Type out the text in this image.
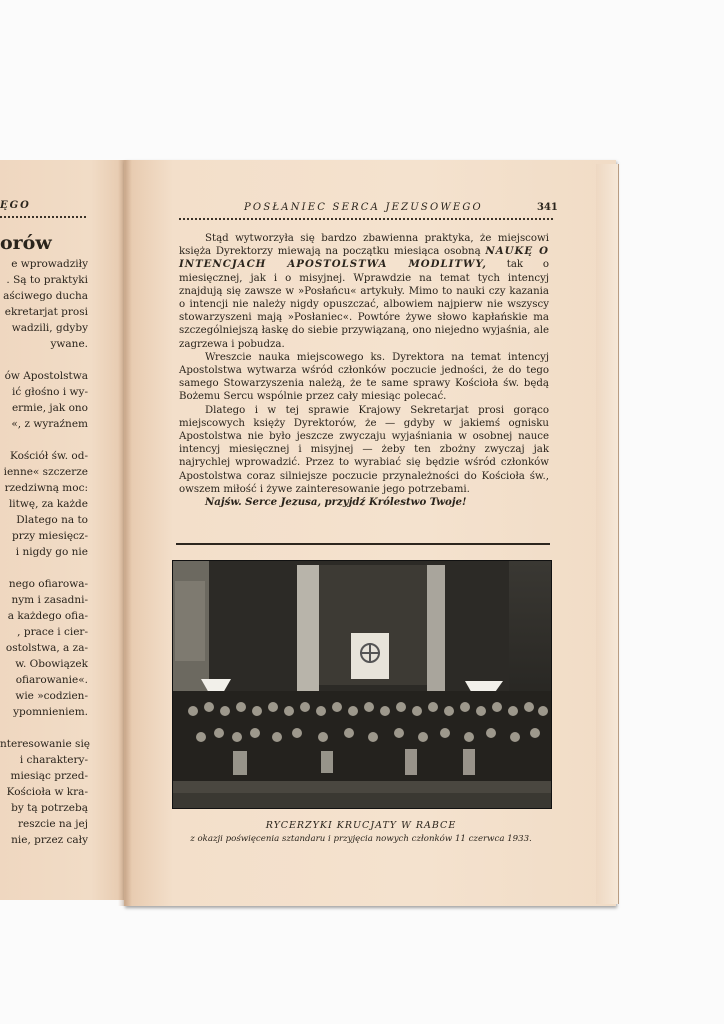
ĘGO
orów
e wprowadziły
. Są to praktyki
aściwego ducha
ekretarjat prosi
wadzili, gdyby
ywane.
ów Apostolstwa
ić głośno i wy-
ermie, jak ono
«, z wyraźnem
Kościół św. od-
ienne« szczerze
rzedziwną moc:
litwę, za każde
Dlatego na to
przy miesięcz-
i nigdy go nie
nego ofiarowa-
nym i zasadni-
a każdego ofia-
, prace i cier-
ostolstwa, a za-
w. Obowiązek
ofiarowanie«.
wie »codzien-
ypomnieniem.
nteresowanie się
i charaktery-
miesiąc przed-
Kościoła w kra-
by tą potrzebą
reszcie na jej
nie, przez cały
POSŁANIEC SERCA JEZUSOWEGO	341

Stąd wytworzyła się bardzo zbawienna praktyka, że miejscowi księża Dyrektorzy miewają na początku miesiąca osobną NAUKĘ O INTENCJACH APOSTOLSTWA MODLITWY, tak o miesięcznej, jak i o misyjnej. Wprawdzie na temat tych intencyj znajdują się zawsze w »Posłańcu« artykuły. Mimo to nauki czy kazania o intencji nie należy nigdy opuszczać, albowiem najpierw nie wszyscy stowarzyszeni mają »Posłaniec«. Powtóre żywe słowo kapłańskie ma szczególniejszą łaskę do siebie przywiązaną, ono niejedno wyjaśnia, ale zagrzewa i pobudza.

Wreszcie nauka miejscowego ks. Dyrektora na temat intencyj Apostolstwa wytwarza wśród członków poczucie jedności, że do tego samego Stowarzyszenia należą, że te same sprawy Kościoła św. będą Bożemu Sercu wspólnie przez cały miesiąc polecać.

Dlatego i w tej sprawie Krajowy Sekretarjat prosi gorąco miejscowych księży Dyrektorów, że — gdyby w jakiemś ognisku Apostolstwa nie było jeszcze zwyczaju wyjaśniania w osobnej nauce intencyj miesięcznej i misyjnej — żeby ten zbożny zwyczaj jak najrychlej wprowadzić. Przez to wyrabiać się będzie wśród członków Apostolstwa coraz silniejsze poczucie przynależności do Kościoła św., owszem miłość i żywe zainteresowanie jego potrzebami.

Najśw. Serce Jezusa, przyjdź Królestwo Twoje!

RYCERZYKI KRUCJATY W RABCE
z okazji poświęcenia sztandaru i przyjęcia nowych członków 11 czerwca 1933.
